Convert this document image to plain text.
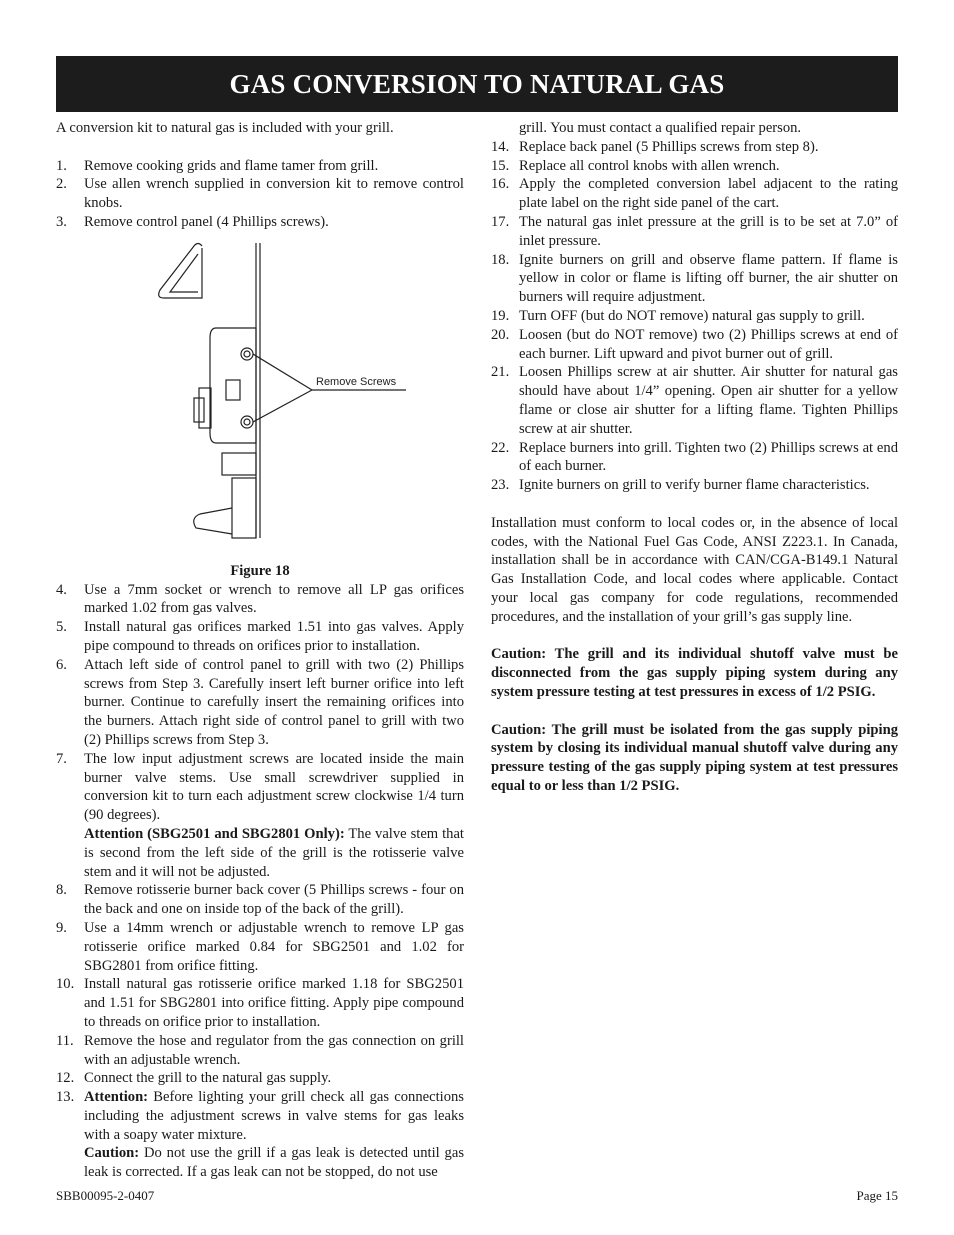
GAS CONVERSION TO NATURAL GAS

A conversion kit to natural gas is included with your grill.

1.	Remove cooking grids and flame tamer from grill.
2.	Use allen wrench supplied in conversion kit to remove control knobs.
3.	Remove control panel (4 Phillips screws).
Remove Screws

Figure 18

4.	Use a 7mm socket or wrench to remove all LP gas orifices marked 1.02 from gas valves.
5.	Install natural gas orifices marked 1.51 into gas valves. Apply pipe compound to threads on orifices prior to installation.
6.	Attach left side of control panel to grill with two (2) Phillips screws from Step 3. Carefully insert left burner orifice into left burner. Continue to carefully insert the remaining orifices into the burners. Attach right side of control panel to grill with two (2) Phillips screws from Step 3.
7.	The low input adjustment screws are located inside the main burner valve stems. Use small screwdriver supplied in conversion kit to turn each adjustment screw clockwise 1/4 turn (90 degrees).
Attention (SBG2501 and SBG2801 Only): The valve stem that is second from the left side of the grill is the rotisserie valve stem and it will not be adjusted.
8.	Remove rotisserie burner back cover (5 Phillips screws - four on the back and one on inside top of the back of the grill).
9.	Use a 14mm wrench or adjustable wrench to remove LP gas rotisserie orifice marked 0.84 for SBG2501 and 1.02 for SBG2801 from orifice fitting.
10. Install natural gas rotisserie orifice marked 1.18 for SBG2501 and 1.51 for SBG2801 into orifice fitting. Apply pipe compound to threads on orifice prior to installation.
11. Remove the hose and regulator from the gas connection on grill with an adjustable wrench.
12. Connect the grill to the natural gas supply.
13. Attention: Before lighting your grill check all gas connections including the adjustment screws in valve stems for gas leaks with a soapy water mixture.
Caution: Do not use the grill if a gas leak is detected until gas leak is corrected. If a gas leak can not be stopped, do not use
grill. You must contact a qualified repair person.
14. Replace back panel (5 Phillips screws from step 8).
15. Replace all control knobs with allen wrench.
16. Apply the completed conversion label adjacent to the rating plate label on the right side panel of the cart.
17. The natural gas inlet pressure at the grill is to be set at 7.0” of inlet pressure.
18. Ignite burners on grill and observe flame pattern. If flame is yellow in color or flame is lifting off burner, the air shutter on burners will require adjustment.
19. Turn OFF (but do NOT remove) natural gas supply to grill.
20. Loosen (but do NOT remove) two (2) Phillips screws at end of each burner. Lift upward and pivot burner out of grill.
21. Loosen Phillips screw at air shutter. Air shutter for natural gas should have about 1/4” opening. Open air shutter for a yellow flame or close air shutter for a lifting flame. Tighten Phillips screw at air shutter.
22. Replace burners into grill. Tighten two (2) Phillips screws at end of each burner.
23. Ignite burners on grill to verify burner flame characteristics.

Installation must conform to local codes or, in the absence of local codes, with the National Fuel Gas Code, ANSI Z223.1. In Canada, installation shall be in accordance with CAN/CGA-B149.1 Natural Gas Installation Code, and local codes where applicable. Contact your local gas company for code regulations, recommended procedures, and the installation of your grill’s gas supply line.

Caution: The grill and its individual shutoff valve must be disconnected from the gas supply piping system during any system pressure testing at test pressures in excess of 1/2 PSIG.

Caution: The grill must be isolated from the gas supply piping system by closing its individual manual shutoff valve during any pressure testing of the gas supply piping system at test pressures equal to or less than 1/2 PSIG.

SBB00095-2-0407	Page 15
